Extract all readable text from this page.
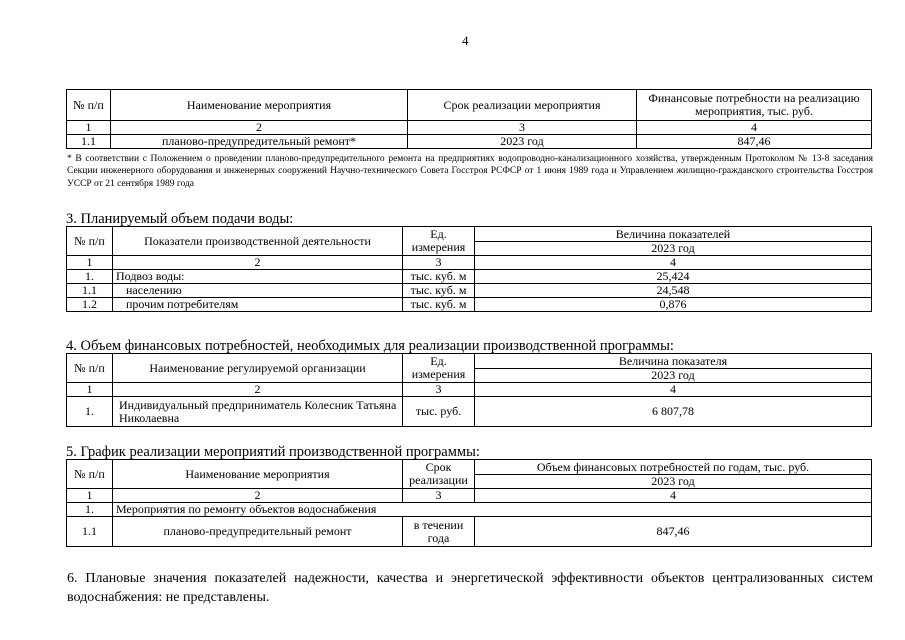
4
№ п/п	Наименование мероприятия	Срок реализации мероприятия	Финансовые потребности на реализацию мероприятия, тыс. руб.
1	2	3	4
1.1	планово-предупредительный ремонт*	2023 год	847,46
* В соответствии с Положением о проведении планово-предупредительного ремонта на предприятиях водопроводно-канализационного хозяйства, утвержденным Протоколом № 13-8 заседания Секции инженерного оборудования и инженерных сооружений Научно-технического Совета Госстроя РСФСР от 1 июня 1989 года и Управлением жилищно-гражданского строительства Госстроя УССР от 21 сентября 1989 года
3. Планируемый объем подачи воды:
№ п/п	Показатели производственной деятельности	Ед. измерения	Величина показателей
			2023 год
1	2	3	4
1.	Подвоз воды:	тыс. куб. м	25,424
1.1	населению	тыс. куб. м	24,548
1.2	прочим потребителям	тыс. куб. м	0,876
4. Объем финансовых потребностей, необходимых для реализации производственной программы:
№ п/п	Наименование регулируемой организации	Ед. измерения	Величина показателя
			2023 год
1	2	3	4
1.	Индивидуальный предприниматель Колесник Татьяна Николаевна	тыс. руб.	6 807,78
5. График реализации мероприятий производственной программы:
№ п/п	Наименование мероприятия	Срок реализации	Объем финансовых потребностей по годам, тыс. руб.
			2023 год
1	2	3	4
1.	Мероприятия по ремонту объектов водоснабжения		
1.1	планово-предупредительный ремонт	в течении года	847,46
6. Плановые значения показателей надежности, качества и энергетической эффективности объектов централизованных систем водоснабжения: не представлены.
